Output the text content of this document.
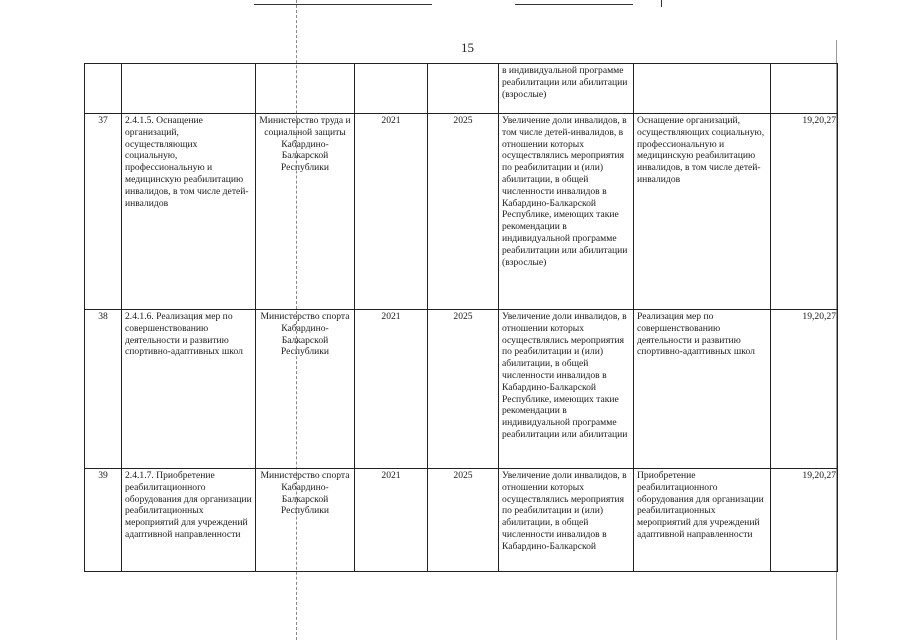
15
					в индивидуальной программе реабилитации или абилитации (взрослые)		
37	2.4.1.5. Оснащение организаций, осуществляющих социальную, профессиональную и медицинскую реабилитацию инвалидов, в том числе детей-инвалидов	Министерство труда и социальной защиты Кабардино-Балкарской Республики	2021	2025	Увеличение доли инвалидов, в том числе детей-инвалидов, в отношении которых осуществлялись мероприятия по реабилитации и (или) абилитации, в общей численности инвалидов в Кабардино-Балкарской Республике, имеющих такие рекомендации в индивидуальной программе реабилитации или абилитации (взрослые)	Оснащение организаций, осуществляющих социальную, профессиональную и медицинскую реабилитацию инвалидов, в том числе детей-инвалидов	19,20,27
38	2.4.1.6. Реализация мер по совершенствованию деятельности и развитию спортивно-адаптивных школ	Министерство спорта Кабардино-Балкарской Республики	2021	2025	Увеличение доли инвалидов, в отношении которых осуществлялись мероприятия по реабилитации и (или) абилитации, в общей численности инвалидов в Кабардино-Балкарской Республике, имеющих такие рекомендации в индивидуальной программе реабилитации или абилитации	Реализация мер по совершенствованию деятельности и развитию спортивно-адаптивных школ	19,20,27
39	2.4.1.7. Приобретение реабилитационного оборудования для организации реабилитационных мероприятий для учреждений адаптивной направленности	Министерство спорта Кабардино-Балкарской Республики	2021	2025	Увеличение доли инвалидов, в отношении которых осуществлялись мероприятия по реабилитации и (или) абилитации, в общей численности инвалидов в Кабардино-Балкарской	Приобретение реабилитационного оборудования для организации реабилитационных мероприятий для учреждений адаптивной направленности	19,20,27
